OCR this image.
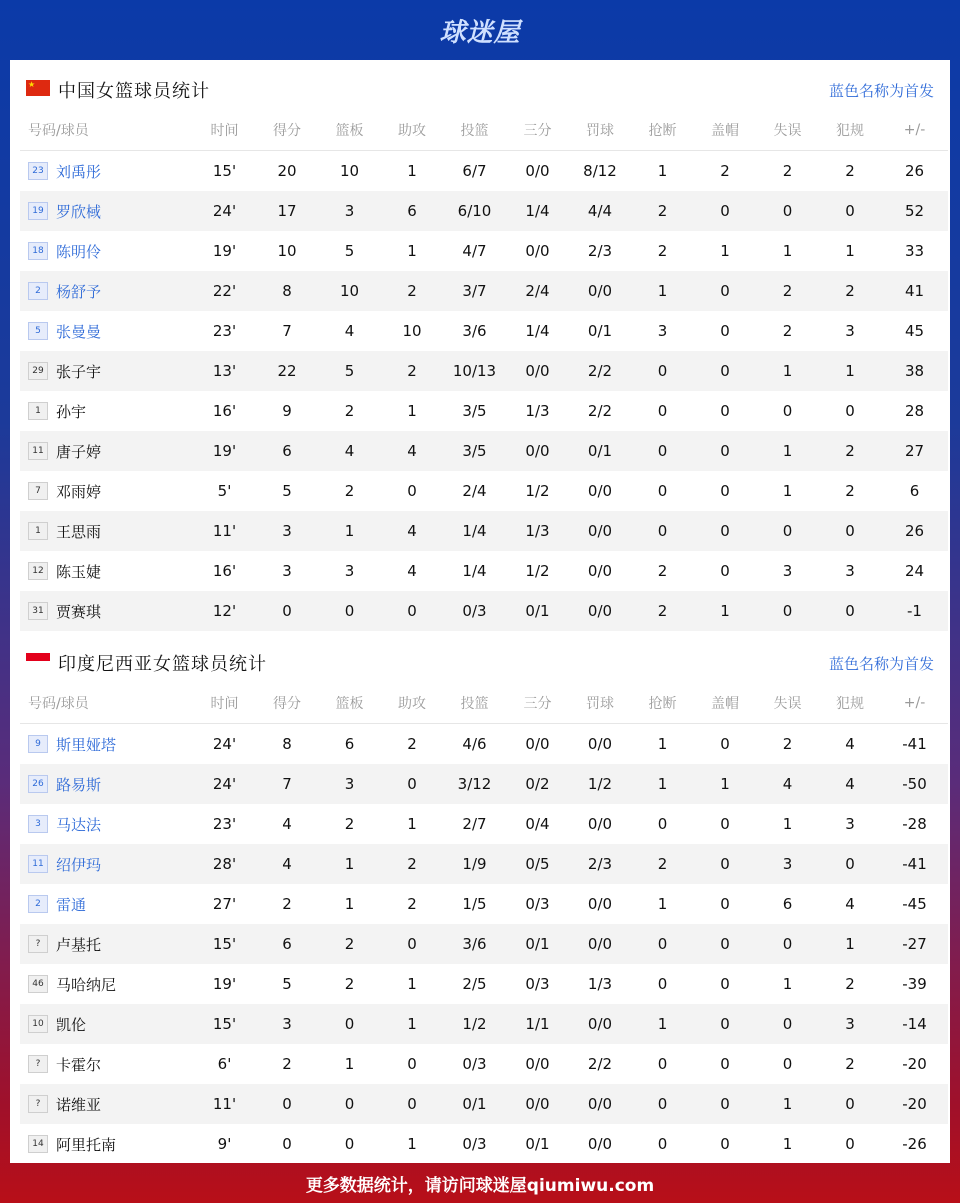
球迷屋
★ 中国女篮球员统计	蓝色名称为首发
号码/球员	时间	得分	篮板	助攻	投篮	三分	罚球	抢断	盖帽	失误	犯规	+/-
23 刘禹彤	15'	20	10	1	6/7	0/0	8/12	1	2	2	2	26
19 罗欣棫	24'	17	3	6	6/10	1/4	4/4	2	0	0	0	52
18 陈明伶	19'	10	5	1	4/7	0/0	2/3	2	1	1	1	33
2 杨舒予	22'	8	10	2	3/7	2/4	0/0	1	0	2	2	41
5 张曼曼	23'	7	4	10	3/6	1/4	0/1	3	0	2	3	45
29 张子宇	13'	22	5	2	10/13	0/0	2/2	0	0	1	1	38
1 孙宇	16'	9	2	1	3/5	1/3	2/2	0	0	0	0	28
11 唐子婷	19'	6	4	4	3/5	0/0	0/1	0	0	1	2	27
7 邓雨婷	5'	5	2	0	2/4	1/2	0/0	0	0	1	2	6
1 王思雨	11'	3	1	4	1/4	1/3	0/0	0	0	0	0	26
12 陈玉婕	16'	3	3	4	1/4	1/2	0/0	2	0	3	3	24
31 贾赛琪	12'	0	0	0	0/3	0/1	0/0	2	1	0	0	-1
印度尼西亚女篮球员统计	蓝色名称为首发
号码/球员	时间	得分	篮板	助攻	投篮	三分	罚球	抢断	盖帽	失误	犯规	+/-
9 斯里娅塔	24'	8	6	2	4/6	0/0	0/0	1	0	2	4	-41
26 路易斯	24'	7	3	0	3/12	0/2	1/2	1	1	4	4	-50
3 马达法	23'	4	2	1	2/7	0/4	0/0	0	0	1	3	-28
11 绍伊玛	28'	4	1	2	1/9	0/5	2/3	2	0	3	0	-41
2 雷通	27'	2	1	2	1/5	0/3	0/0	1	0	6	4	-45
? 卢基托	15'	6	2	0	3/6	0/1	0/0	0	0	0	1	-27
46 马哈纳尼	19'	5	2	1	2/5	0/3	1/3	0	0	1	2	-39
10 凯伦	15'	3	0	1	1/2	1/1	0/0	1	0	0	3	-14
? 卡霍尔	6'	2	1	0	0/3	0/0	2/2	0	0	0	2	-20
? 诺维亚	11'	0	0	0	0/1	0/0	0/0	0	0	1	0	-20
14 阿里托南	9'	0	0	1	0/3	0/1	0/0	0	0	1	0	-26
更多数据统计，请访问球迷屋qiumiwu.com
